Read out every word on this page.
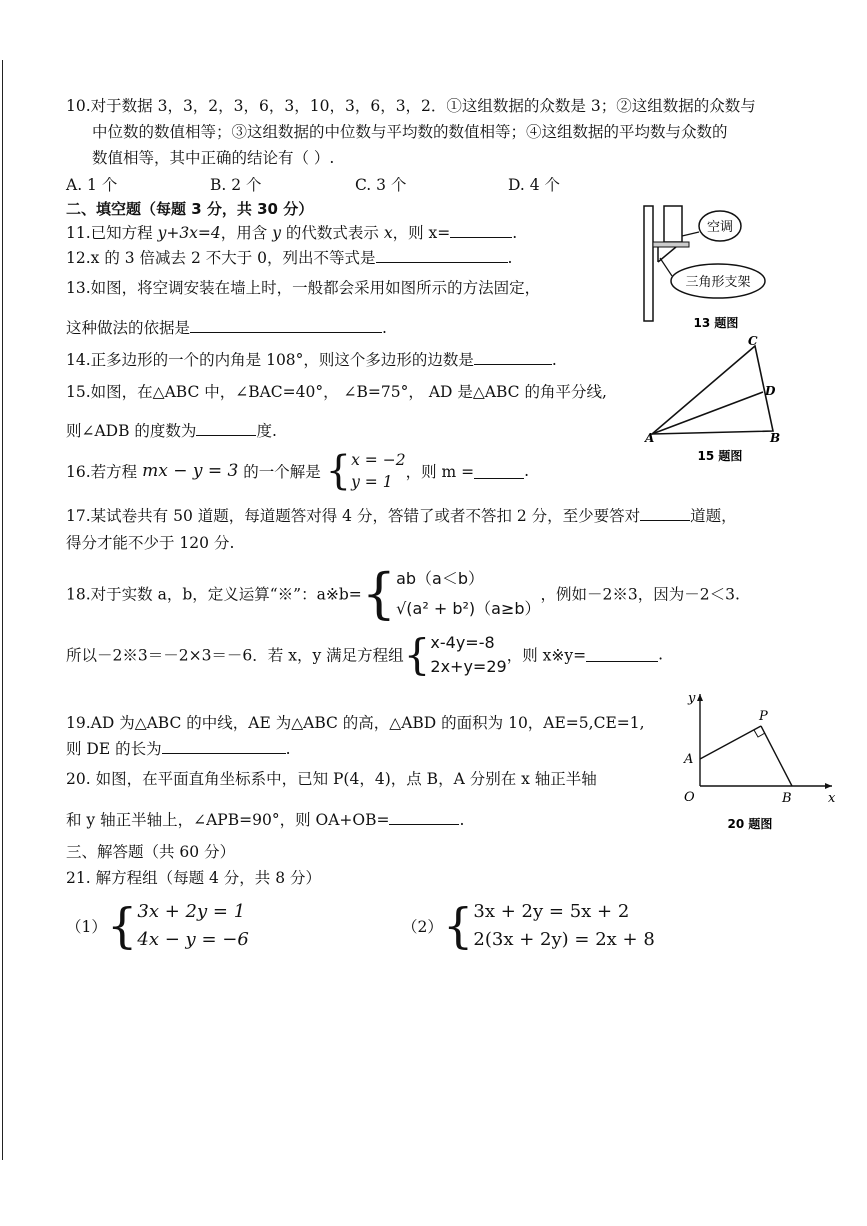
10.对于数据 3，3，2，3，6，3，10，3，6，3，2．①这组数据的众数是 3；②这组数据的众数与
中位数的数值相等；③这组数据的中位数与平均数的数值相等；④这组数据的平均数与众数的
数值相等，其中正确的结论有（ ）.
A. 1 个	B. 2 个	C. 3 个	D. 4 个
二、填空题（每题 3 分，共 30 分）
11.已知方程 y+3x=4，用含 y 的代数式表示 x，则 x=	.
12.x 的 3 倍减去 2 不大于 0，列出不等式是	.
13.如图，将空调安装在墙上时，一般都会采用如图所示的方法固定，
这种做法的依据是	.
14.正多边形的一个的内角是 108°，则这个多边形的边数是	.
15.如图，在△ABC 中，∠BAC=40°， ∠B=75°， AD 是△ABC 的角平分线,
则∠ADB 的度数为	度.
16.若方程 mx − y = 3 的一个解是 { x = −2
y = 1
，则 m =	.
17.某试卷共有 50 道题，每道题答对得 4 分，答错了或者不答扣 2 分，至少要答对	道题，
得分才能不少于 120 分.
18.对于实数 a，b，定义运算“※”：a※b={ ab（a＜b）
√(a² + b²)（a≥b）
，例如－2※3，因为－2＜3.
所以－2※3＝－2×3＝－6．若 x，y 满足方程组{ x-4y=-8
2x+y=29
，则 x※y=	.
19.AD 为△ABC 的中线，AE 为△ABC 的高，△ABD 的面积为 10，AE=5,CE=1,
则 DE 的长为	.
20. 如图，在平面直角坐标系中，已知 P(4，4)，点 B，A 分别在 x 轴正半轴
和 y 轴正半轴上，∠APB=90°，则 OA+OB=	.
三、解答题（共 60 分）
21. 解方程组（每题 4 分，共 8 分）
（1）{ 3x + 2y = 1
4x − y = −6
（2）{ 3x + 2y = 5x + 2
2(3x + 2y) = 2x + 8
空调
三角形支架
13 题图
A	B
C
D
15 题图
y
x
O
A
B
P
20 题图
